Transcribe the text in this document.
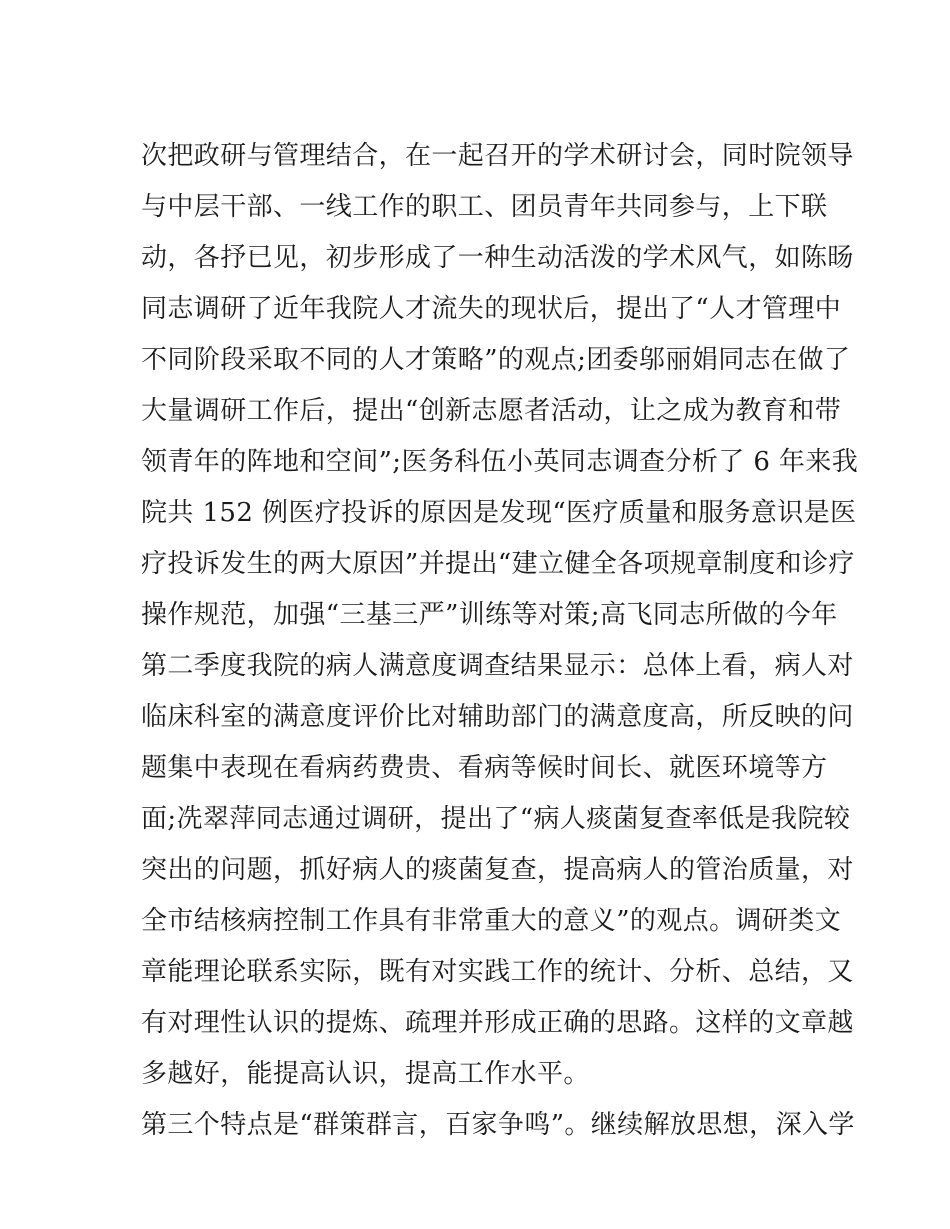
次把政研与管理结合，在一起召开的学术研讨会，同时院领导
与中层干部、一线工作的职工、团员青年共同参与，上下联
动，各抒已见，初步形成了一种生动活泼的学术风气，如陈旸
同志调研了近年我院人才流失的现状后，提出了“人才管理中
不同阶段采取不同的人才策略”的观点;团委邬丽娟同志在做了
大量调研工作后，提出“创新志愿者活动，让之成为教育和带
领青年的阵地和空间”;医务科伍小英同志调查分析了 6 年来我
院共 152 例医疗投诉的原因是发现“医疗质量和服务意识是医
疗投诉发生的两大原因”并提出“建立健全各项规章制度和诊疗
操作规范，加强“三基三严”训练等对策;高飞同志所做的今年
第二季度我院的病人满意度调查结果显示：总体上看，病人对
临床科室的满意度评价比对辅助部门的满意度高，所反映的问
题集中表现在看病药费贵、看病等候时间长、就医环境等方
面;冼翠萍同志通过调研，提出了“病人痰菌复查率低是我院较
突出的问题，抓好病人的痰菌复查，提高病人的管治质量，对
全市结核病控制工作具有非常重大的意义”的观点。调研类文
章能理论联系实际，既有对实践工作的统计、分析、总结，又
有对理性认识的提炼、疏理并形成正确的思路。这样的文章越
多越好，能提高认识，提高工作水平。
第三个特点是“群策群言，百家争鸣”。继续解放思想，深入学
